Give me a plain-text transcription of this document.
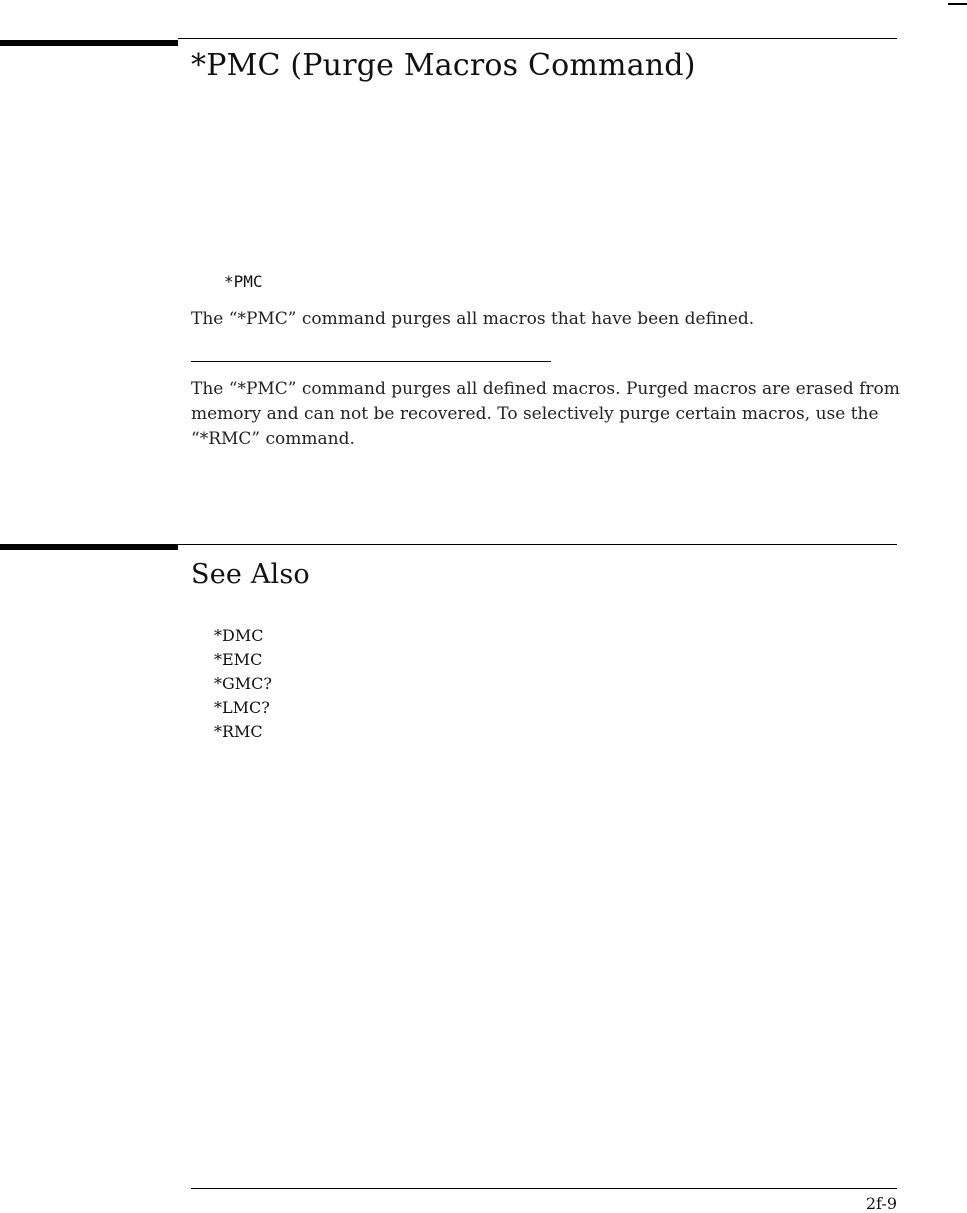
*PMC (Purge Macros Command)
*PMC

The “*PMC” command purges all macros that have been defined.

The “*PMC” command purges all defined macros. Purged macros are erased from memory and can not be recovered. To selectively purge certain macros, use the “*RMC” command.

See Also
*DMC
*EMC
*GMC?
*LMC?
*RMC
2f-9
